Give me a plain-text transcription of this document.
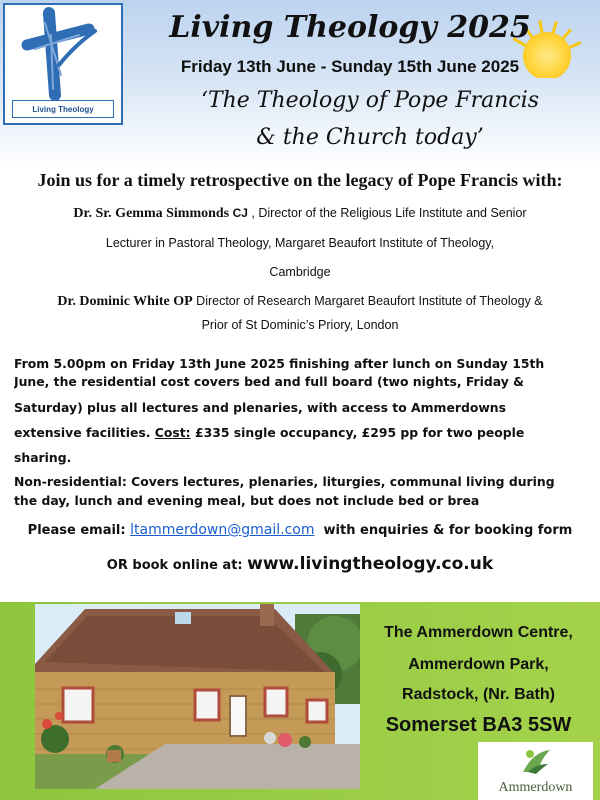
Living Theology
Living Theology 2025
Friday 13th June - Sunday 15th June 2025
‘The Theology of Pope Francis
& the Church today’
Join us for a timely retrospective on the legacy of Pope Francis with:
Dr. Sr. Gemma Simmonds CJ , Director of the Religious Life Institute and Senior
Lecturer in Pastoral Theology, Margaret Beaufort Institute of Theology,
Cambridge
Dr. Dominic White OP Director of Research Margaret Beaufort Institute of Theology &
Prior of St Dominic’s Priory, London
From 5.00pm on Friday 13th June 2025 finishing after lunch on Sunday 15th
June, the residential cost covers bed and full board (two nights, Friday &
Saturday) plus all lectures and plenaries, with access to Ammerdowns
extensive facilities. Cost: £335 single occupancy, £295 pp for two people
sharing.
Non-residential: Covers lectures, plenaries, liturgies, communal living during
the day, lunch and evening meal, but does not include bed or brea
Please email: ltammerdown@gmail.com  with enquiries & for booking form
OR book online at: www.livingtheology.co.uk
The Ammerdown Centre,
Ammerdown Park,
Radstock, (Nr. Bath)
Somerset BA3 5SW
Ammerdown
